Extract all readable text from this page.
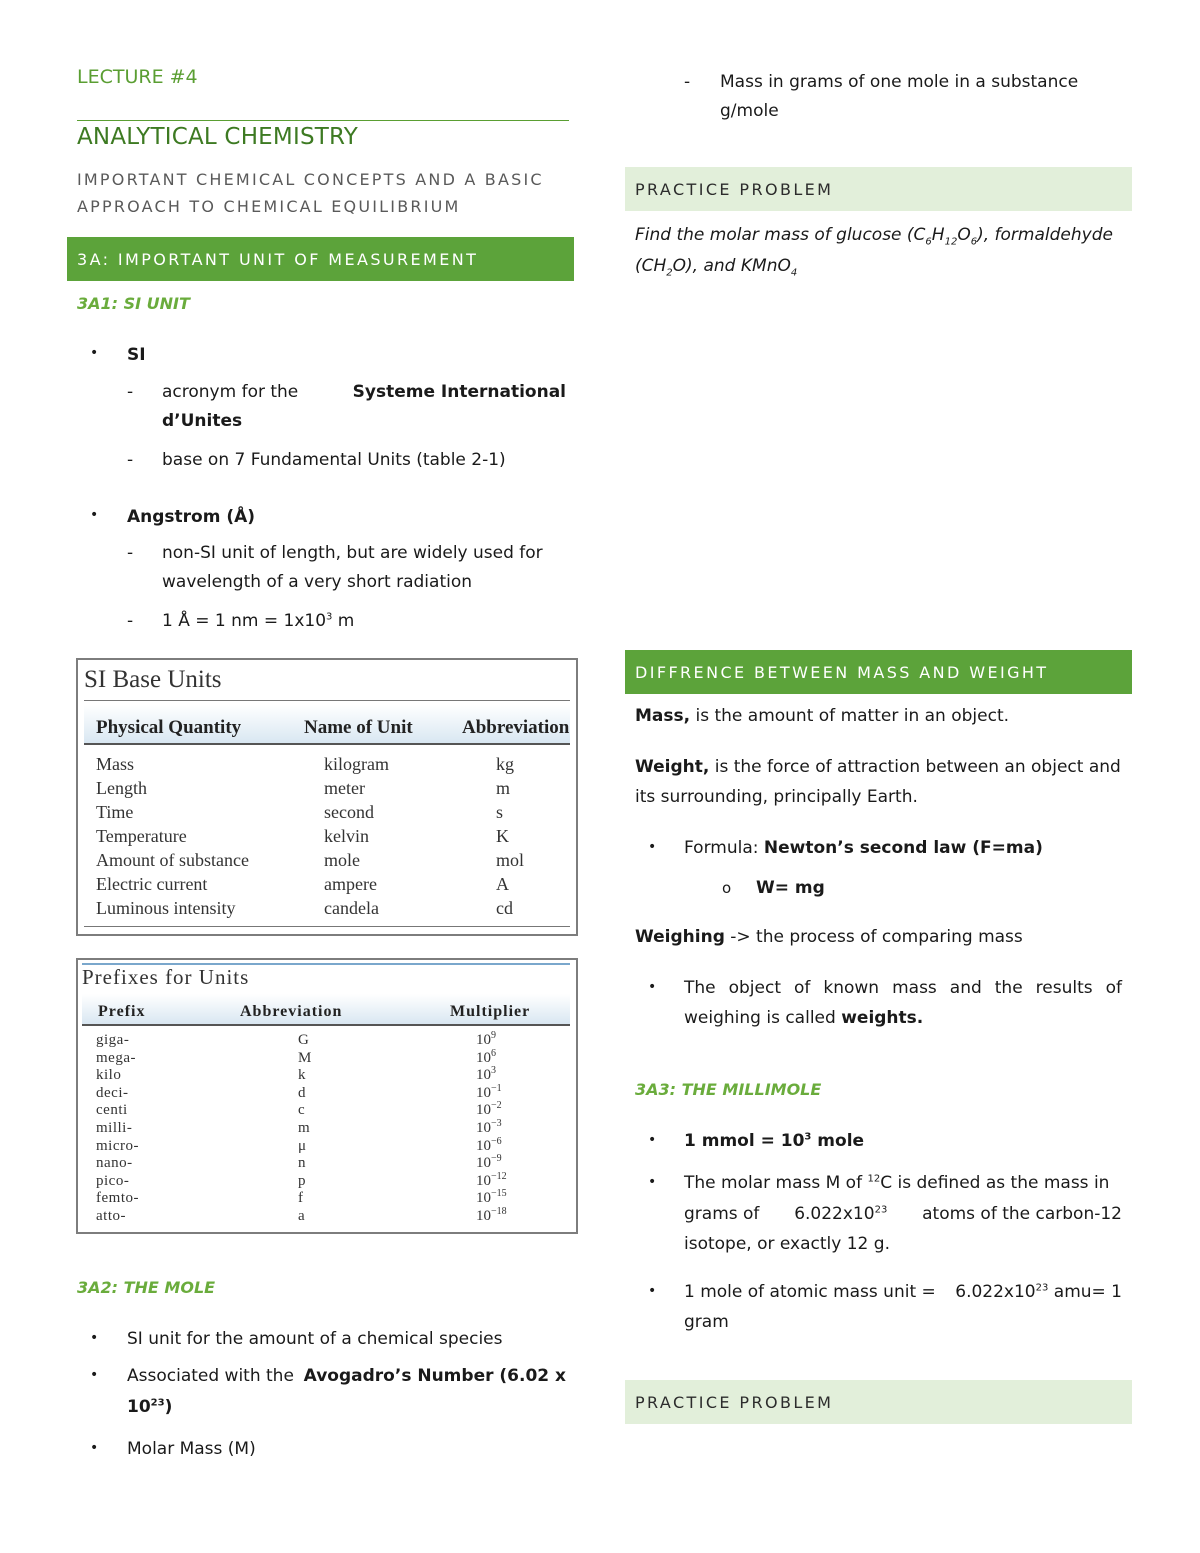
LECTURE #4
ANALYTICAL CHEMISTRY
IMPORTANT CHEMICAL CONCEPTS AND A BASIC APPROACH TO CHEMICAL EQUILIBRIUM
3A: IMPORTANT UNIT OF MEASUREMENT
3A1: SI UNIT
• SI
- acronym for the	Systeme International
d’Unites
- base on 7 Fundamental Units (table 2-1)
• Angstrom (Å)
- non-SI unit of length, but are widely used for
wavelength of a very short radiation
- 1 Å = 1 nm = $1x10^3$ m
SI Base Units
Physical Quantity	Name of Unit	Abbreviation
Mass	kilogram	kg
Length	meter	m
Time	second	s
Temperature	kelvin	K
Amount of substance	mole	mol
Electric current	ampere	A
Luminous intensity	candela	cd
Prefixes for Units
Prefix	Abbreviation	Multiplier
giga-	G	$10^9$
mega-	M	$10^6$
kilo	k	$10^3$
deci-	d	$10^{-1}$
centi	c	$10^{-2}$
milli-	m	$10^{-3}$
micro-	μ	$10^{-6}$
nano-	n	$10^{-9}$
pico-	p	$10^{-12}$
femto-	f	$10^{-15}$
atto-	a	$10^{-18}$
3A2: THE MOLE
• SI unit for the amount of a chemical species
• Associated with the Avogadro’s Number (6.02 x
$10^{23}$)
• Molar Mass (M)
- Mass in grams of one mole in a substance
g/mole
PRACTICE PROBLEM
Find the molar mass of glucose $(C_6H_{12}O_6)$, formaldehyde
$(CH_2O)$, and KMnO$_4$
DIFFRENCE BETWEEN MASS AND WEIGHT
Mass, is the amount of matter in an object.
Weight, is the force of attraction between an object and
its surrounding, principally Earth.
• Formula: Newton’s second law (F=ma)
o W= mg
Weighing -> the process of comparing mass
• The object of known mass and the results of
weighing is called weights.
3A3: THE MILLIMOLE
• 1 mmol = $10^3$ mole
• The molar mass M of $^{12}$C is defined as the mass in
grams of $6.022x10^{23}$ atoms of the carbon-12
isotope, or exactly 12 g.
• 1 mole of atomic mass unit = $6.022x10^{23}$ amu= 1
gram
PRACTICE PROBLEM
